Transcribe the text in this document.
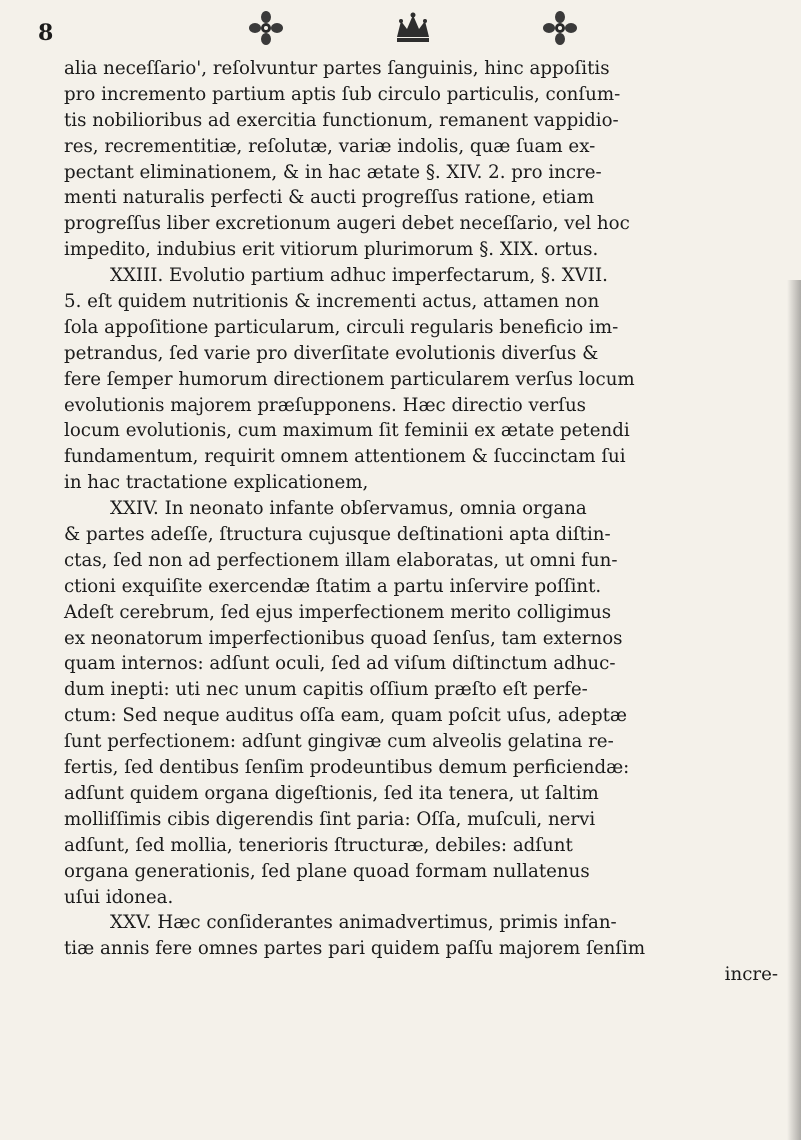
8
alia neceſſario', reſolvuntur partes ſanguinis, hinc appoſitis
pro incremento partium aptis ſub circulo particulis, conſum-
tis nobilioribus ad exercitia functionum, remanent vappidio-
res, recrementitiæ, reſolutæ, variæ indolis, quæ ſuam ex-
pectant eliminationem, & in hac ætate §. XIV. 2. pro incre-
menti naturalis perfecti & aucti progreſſus ratione, etiam
progreſſus liber excretionum augeri debet neceſſario, vel hoc
impedito, indubius erit vitiorum plurimorum §. XIX. ortus.
XXIII. Evolutio partium adhuc imperfectarum, §. XVII.
5. eſt quidem nutritionis & incrementi actus, attamen non
ſola appoſitione particularum, circuli regularis beneficio im-
petrandus, ſed varie pro diverſitate evolutionis diverſus &
fere ſemper humorum directionem particularem verſus locum
evolutionis majorem præſupponens. Hæc directio verſus
locum evolutionis, cum maximum ſit feminii ex ætate petendi
fundamentum, requirit omnem attentionem & ſuccinctam ſui
in hac tractatione explicationem,
XXIV. In neonato infante obſervamus, omnia organa
& partes adeſſe, ſtructura cujusque deſtinationi apta diſtin-
ctas, ſed non ad perfectionem illam elaboratas, ut omni fun-
ctioni exquiſite exercendæ ſtatim a partu inſervire poſſint.
Adeſt cerebrum, ſed ejus imperfectionem merito colligimus
ex neonatorum imperfectionibus quoad ſenſus, tam externos
quam internos: adſunt oculi, ſed ad viſum diſtinctum adhuc-
dum inepti: uti nec unum capitis oſſium præſto eſt perfe-
ctum: Sed neque auditus oſſa eam, quam poſcit uſus, adeptæ
ſunt perfectionem: adſunt gingivæ cum alveolis gelatina re-
fertis, ſed dentibus ſenſim prodeuntibus demum perficiendæ:
adſunt quidem organa digeſtionis, ſed ita tenera, ut ſaltim
molliſſimis cibis digerendis ſint paria: Oſſa, muſculi, nervi
adſunt, ſed mollia, tenerioris ſtructuræ, debiles: adſunt
organa generationis, ſed plane quoad formam nullatenus
uſui idonea.
XXV. Hæc conſiderantes animadvertimus, primis infan-
tiæ annis fere omnes partes pari quidem paſſu majorem ſenſim
incre-
